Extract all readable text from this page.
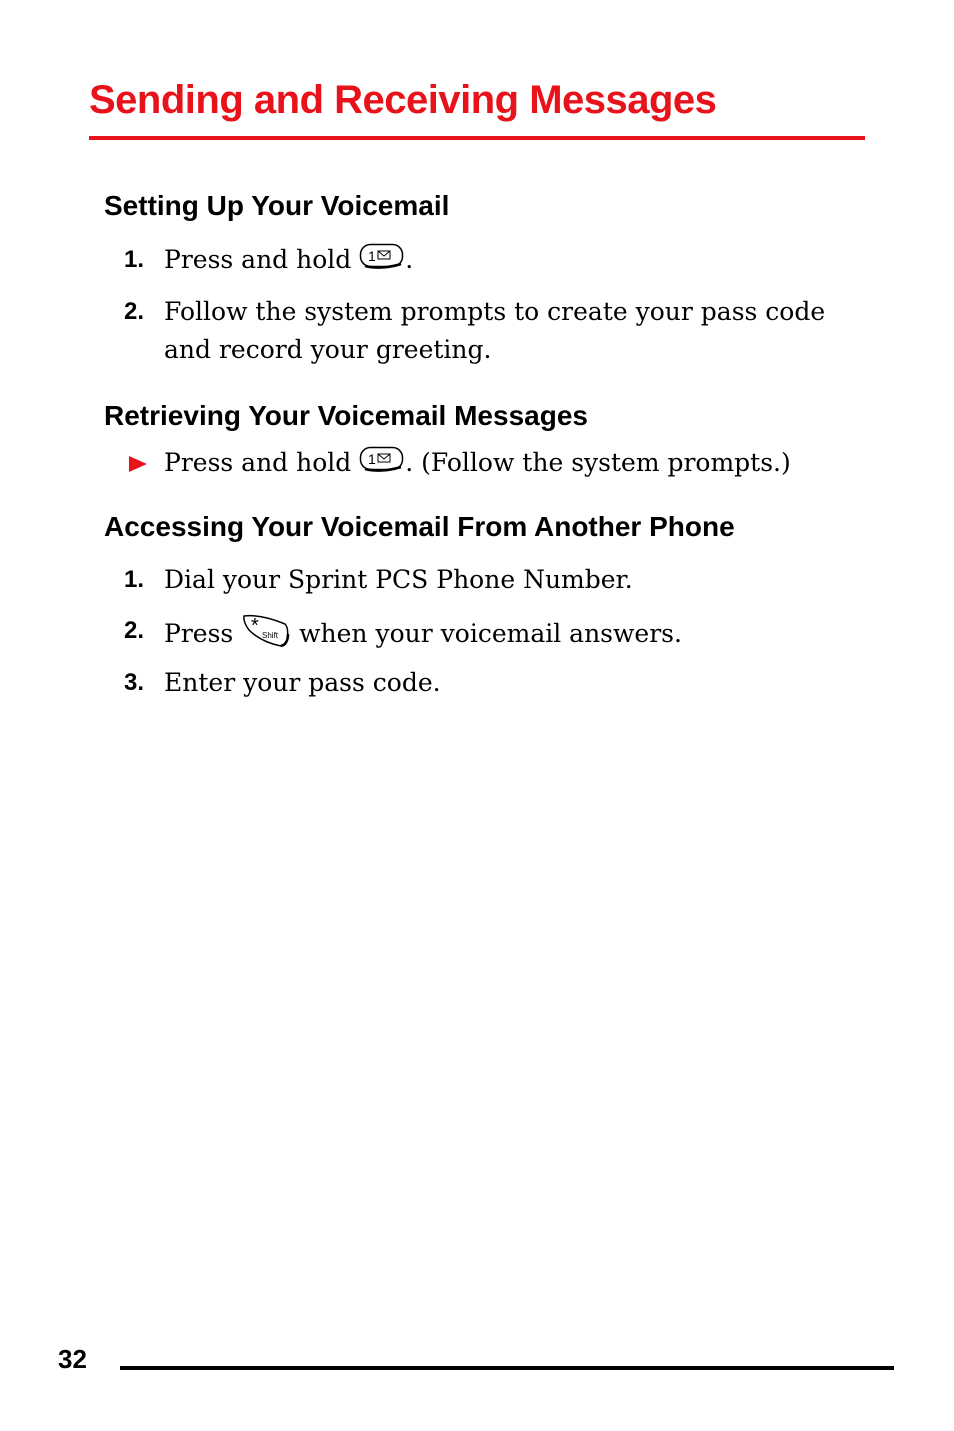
Sending and Receiving Messages
Setting Up Your Voicemail
1. Press and hold 1 .
2. Follow the system prompts to create your pass code and record your greeting.
Retrieving Your Voicemail Messages
Press and hold 1 . (Follow the system prompts.)
Accessing Your Voicemail From Another Phone
1. Dial your Sprint PCS Phone Number.
2. Press * Shift when your voicemail answers.
3. Enter your pass code.
32
